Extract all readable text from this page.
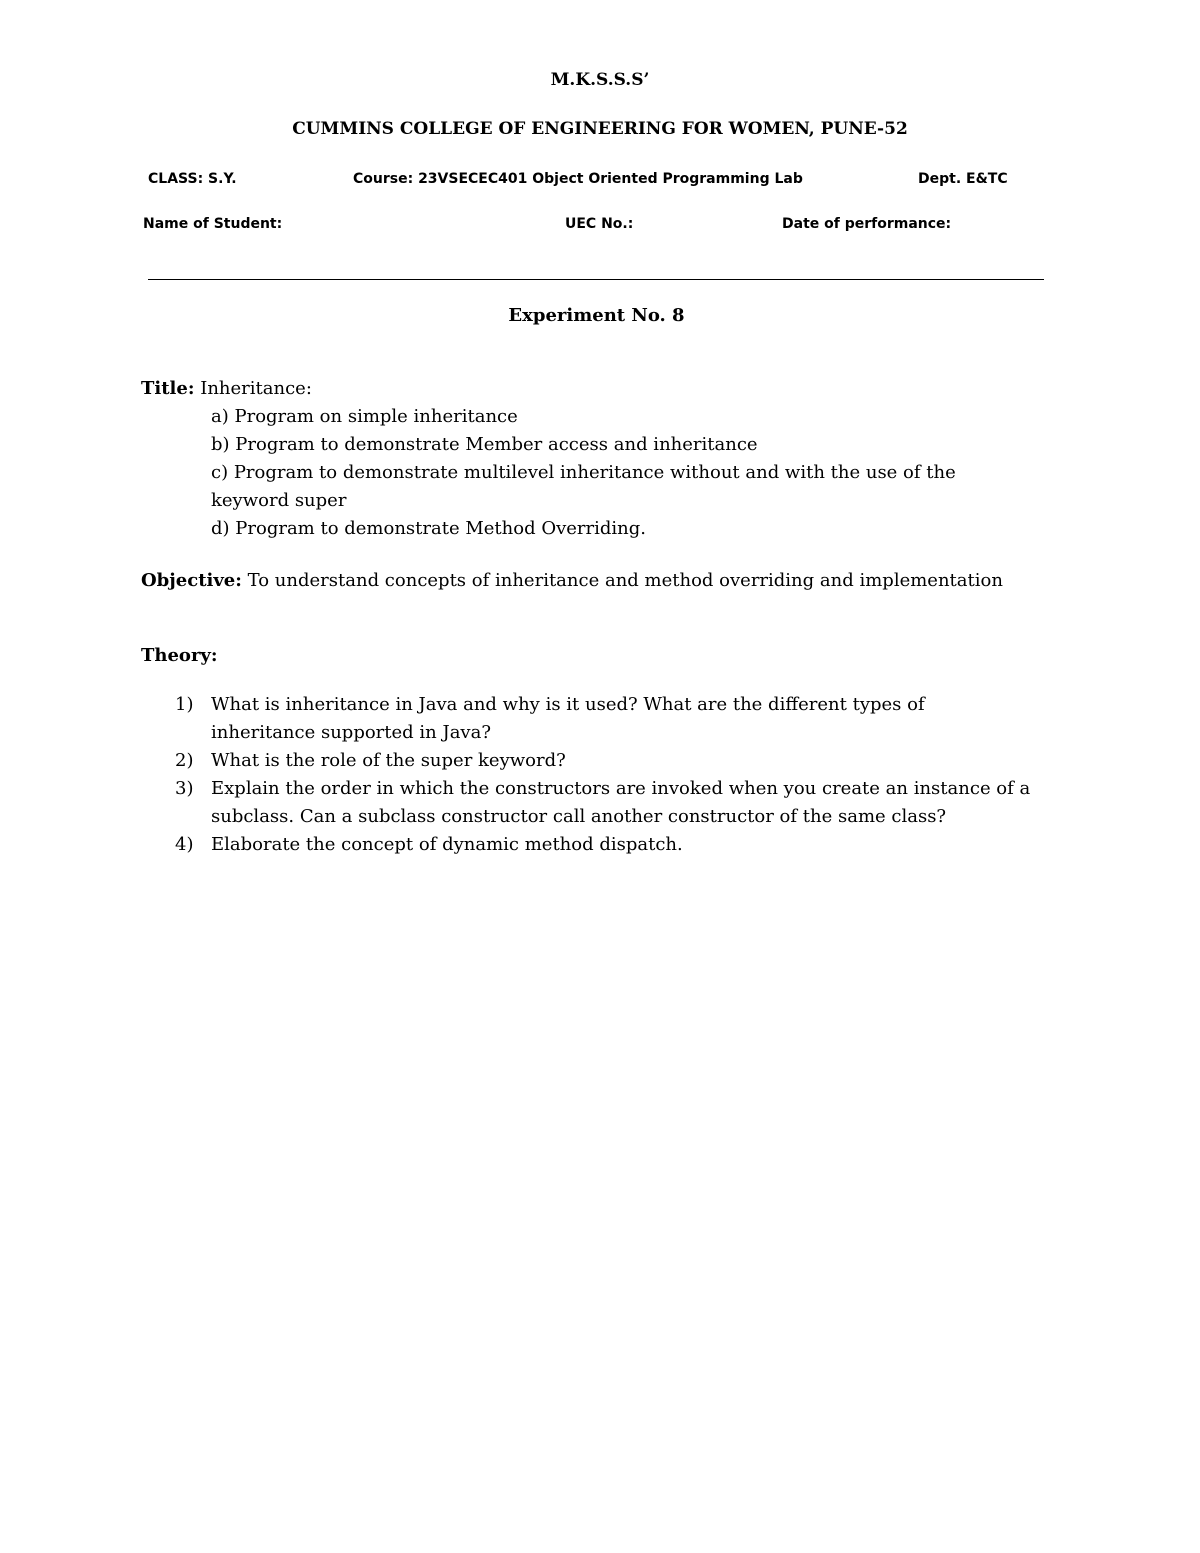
M.K.S.S.S’
CUMMINS COLLEGE OF ENGINEERING FOR WOMEN, PUNE-52
CLASS: S.Y.	Course: 23VSECEC401 Object Oriented Programming Lab	Dept. E&TC
Name of Student:	UEC No.:	Date of performance:
Experiment No. 8
Title: Inheritance:
a) Program on simple inheritance
b) Program to demonstrate Member access and inheritance
c) Program to demonstrate multilevel inheritance without and with the use of the
keyword super
d) Program to demonstrate Method Overriding.
Objective: To understand concepts of inheritance and method overriding and implementation
Theory:
1) What is inheritance in Java and why is it used? What are the different types of
inheritance supported in Java?
2) What is the role of the super keyword?
3) Explain the order in which the constructors are invoked when you create an instance of a
subclass. Can a subclass constructor call another constructor of the same class?
4) Elaborate the concept of dynamic method dispatch.
